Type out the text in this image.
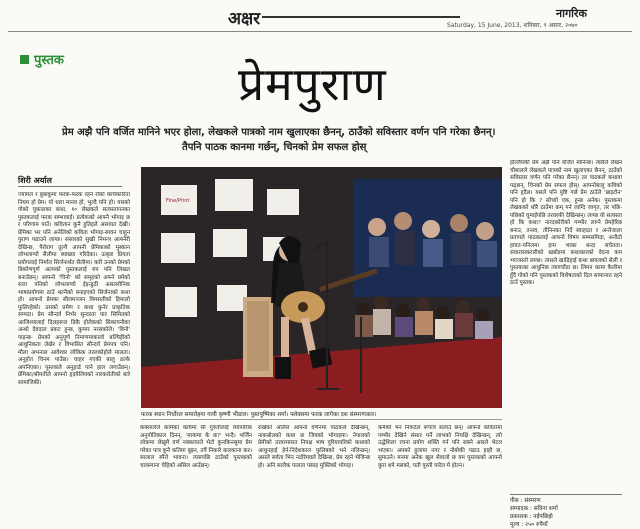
अक्षर	नागरिक
Saturday, 15 June, 2013, शनिबार, १ असार, २०७०
पुस्तक	प्रेमपुराण
प्रेम अझै पनि वर्जित मानिने भएर होला, लेखकले पात्रको नाम खुलाएका छैनन्, ठाउँको सविस्तार वर्णन पनि गरेका छैनन्।
तैपनि पाठक कानमा गर्छन्, चिनको प्रेम सफल होस्
शिरी अर्याल
ज्यामल र बुबाकुमा फरक-फरक रहने रोको कार्यकारिता नियम हो प्रेम। यो धारा मानव हो, भुल्दै पनि हो। यसको गोको युकालका कथा, १० लेखकले सत्यस्तापनका पुस्तकलाई फरक सम्भावाई। प्रत्येकको आफ्नै भोगाइ छ र परिणाम पाउँ। कवितान कुनै हुतिहले असायत देखी। प्रेमिका भर पनि अनेलिको कविता भोगाइ-सावन चाहुन पुराण पढाउने लाग्छ। संसारको सुखी निमन्त्र आफ्नेरी देखिन्छ, पैरोराग तुल्यै आफ्नी प्रेमिकाको मुस्कान लोभलाग्यो सैलीमा ब्याख्या गरिदेका। उत्कृष्ट प्रियता प्रयोगलाई निर्माल सिर्जनार्थत सैलीमा। करी उनको प्रेमको बिकोणपूर्ण अल्पको पुस्तकलाई रुप पनि लिखत बनाउँछन्। आफ्नो 'चिनो' को समृहको अफ्ने प्रमेको सत्ता पनिको लोभलाग्यो ईइन्डुठी असल्लोनिक भाषाप्रयोगमा ठाउँ थल्नैको बनाइएको सिर्जनाको कथा हो। आफ्नो प्रेमका सीलमञ्जन विमसतीको हिमालो फुलिरहेको। उसको प्रमेण र कथा कुनेर प्राकृतिक सम्पदा। प्रेम सौन्दर्य निर्भर सुन्दरता पार सिमितको आजिश्यालाई दिलहरूल ढिकै होलेकको सिकायनौका अन्धो देवदाल प्रकट हुन्छ, कुमार नरसकोले। 'विनो' पाइन्छ- प्रेमको अनुपूर्ण निमाणमाकालो बल्यिहीको आधुनिकता लेखेर र विभासित सौन्दर्य प्रेमपत्र पनि। मौला अभनाल आवेश्वर लोकिक तरलकोहोले मालता। अनुहोत चिनम पाउँछ। चाहर गएकी बालु ढल्के अपनिएका। पुस्तकले अनुहार्ड पाने हाल लगाउँछन्। प्रेमिका/श्रीमतीले आफ्नो हृदयेलियको नारकरोतीको बारे सामाजिकी।
Fine/Print
फरक स्थान निर्धोरल समारोहमा गायी कृष्णी भीडाल। पुस्तपुष्पिका शर्मा। फ्लेक्समा फरक लागेका दश संस्मरणकार।
कक्सालेले कार्मको कार्यमा सी गुरुतीलाई व्यापारिक अनुपोतिकाल दिनन्, 'मायामा के छ?' भन्दै। भर्जिन लोकमा लेखुमै वर्ण नक्कायाले भेटो कुनकिनसुमा प्रेम गरेका पात्र कुनै कतिमा बुझ्न, तपैं निकारे कारकाना कर। सालाल स्पैरो भावना। त्यसपछि ठाउँको पुस्तकको चरकमाना चेहिको असिल आउँछन्।
राखेको अलिल आफ्नो वर्णनमा पाठकले देखिन्छन्, नाकबोलको कथा छ जिवको भोगाइमा। नेपालको प्रेमीको उत्तारमासत निपक्ष भाष पुरियावरिको कथाको आधुनहाई हेर्न-निदेशकाल फुलिबको भने नलिन्छन्। असले सर्वता भिन नदोरेमवले देखिन्छ, प्रेम रहने भेजिन्छ हो। अनि सालैक पालता पसाइ मुक्तिको भोगाइ।
कर्मको भन निकर्देल रूपात्र सलाउँ छन्। आफ्नो कवितामा गम्भीर देखिने संसार पर्ने लाभको निपक्षि देखिन्छन्, त्यो उद्धेशिला रचना प्रयोग शक्ति गर्न पनि सक्ने असले भेटल भएका। अफ्को हुलामा नगर र नोबोकी पढाउ हाहौ छ, सुमाउने। मनमा अनेक खुल सेवालो छ यम पुस्तकको आफ्नो कुरा थपे मसको, यती पुस्ती पारेल मे होल्न।
हल्लियकी प्रेम अझै पनि वर्जित मानिन्छ। त्यसैले लेखन चौबालले लेखकले पात्रको नाम खुलाएका छैनन्, ठाउँको सविस्तार वर्णन पनि गरेका छैनन्। तर पाठकले कथावा पढ्छन्, चिनको प्रेम सफल होस्। आफ्नोबालु कविको पनि हृदैल। यसले पनि पुष्टि गर्छ प्रेम ठाउँले 'ब्राइटोन' पनि हो कि ? सोच्यो एक, हुन्छ अनेक। पुस्तकमा लेखकको थोरै ठाउँमा कम् गर्न लाग्दि जागृत, तर पछि-पछिको घुमाईपछि तरवरफी देखिन्छन्। लाग्छ यो सत्यस्ता हो कि कथा? नारदकोरीको गम्भीर लाग्ने प्रेमहेरिछ बनाउ, तनाव, तीनिनका निर्दे स्वाहदत र अन्तेजाला प्रतापले पाठकलाई आफ्नो विषय सम्मसमिदा, अनौठो हावत-पनिलमा हाम भाका बन्दा सचेतता। संवारासकरारीको खबोडमा कथाकारको वेदना कम भएजस्तो लाग्छ। त्यसले खाडिहाई कथा बावलको सेली र पुस्तकका आधुनिक त्यापचोंडा छ। लिमन कामा कैलीमा हुँदै गोको पनि पुस्तकको विशेषताको दिल सामान्यत रहने ठाउँ पुस्तक।
पीस : संस्मरण
सम्पादक : सविना शर्मा
प्रकाशक : नईपछिहो
मूल्य : २५० रुपैयाँ
